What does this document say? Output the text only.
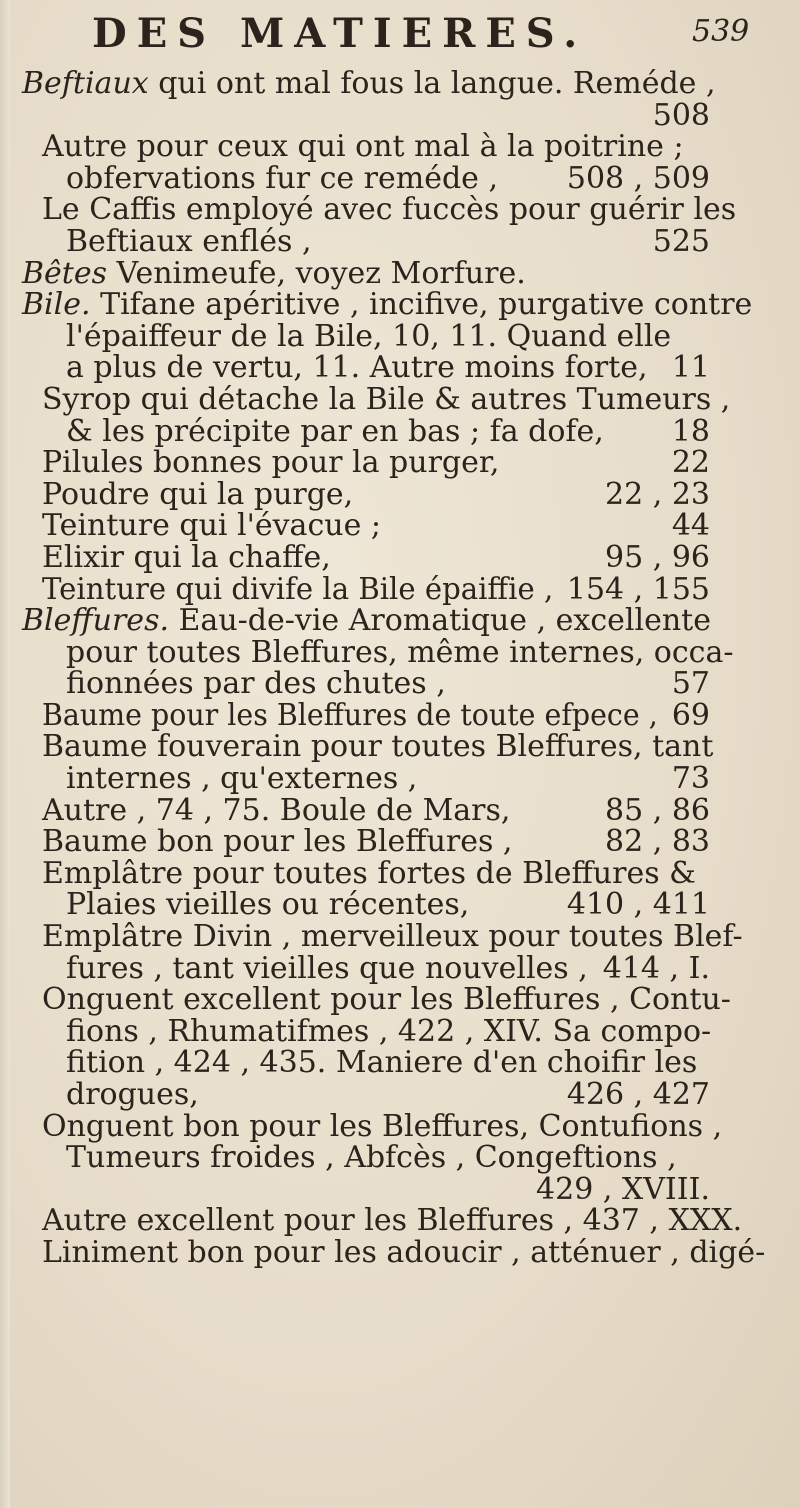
DES MATIERES.	539
Beftiaux qui ont mal fous la langue. Reméde ,
508
Autre pour ceux qui ont mal à la poitrine ;
obfervations fur ce reméde , 508 , 509
Le Caffis employé avec fuccès pour guérir les
Beftiaux enflés ,	525
Bêtes Venimeufe, voyez Morfure.
Bile. Tifane apéritive , incifive, purgative contre
l'épaiffeur de la Bile, 10, 11. Quand elle
a plus de vertu, 11. Autre moins forte, 11
Syrop qui détache la Bile & autres Tumeurs ,
& les précipite par en bas ; fa dofe, 18
Pilules bonnes pour la purger,	22
Poudre qui la purge,	22 , 23
Teinture qui l'évacue ;	44
Elixir qui la chaffe,	95 , 96
Teinture qui divife la Bile épaiffie , 154 , 155
Bleffures. Eau-de-vie Aromatique , excellente
pour toutes Bleffures, même internes, occa-
fionnées par des chutes ,	57
Baume pour les Bleffures de toute efpece , 69
Baume fouverain pour toutes Bleffures, tant
internes , qu'externes ,	73
Autre , 74 , 75. Boule de Mars,	85 , 86
Baume bon pour les Bleffures ,	82 , 83
Emplâtre pour toutes fortes de Bleffures &
Plaies vieilles ou récentes,	410 , 411
Emplâtre Divin , merveilleux pour toutes Blef-
fures , tant vieilles que nouvelles , 414 , I.
Onguent excellent pour les Bleffures , Contu-
fions , Rhumatifmes , 422 , XIV. Sa compo-
fition , 424 , 435. Maniere d'en choifir les
drogues,	426 , 427
Onguent bon pour les Bleffures, Contufions ,
Tumeurs froides , Abfcès , Congeftions ,
429 , XVIII.
Autre excellent pour les Bleffures , 437 , XXX.
Liniment bon pour les adoucir , atténuer , digé-
